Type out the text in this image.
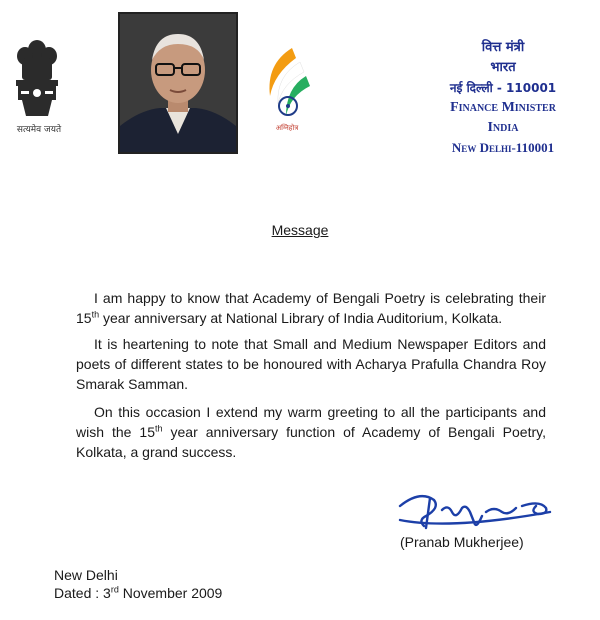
सत्यमेव जयते	अग्निहोत्र
वित्त मंत्री
भारत
नई दिल्ली - 110001
Finance Minister
India
New Delhi-110001
Message
I am happy to know that Academy of Bengali Poetry is celebrating their 15th year anniversary at National Library of India Auditorium, Kolkata.
It is heartening to note that Small and Medium Newspaper Editors and poets of different states to be honoured with Acharya Prafulla Chandra Roy Smarak Samman.
On this occasion I extend my warm greeting to all the participants and wish the 15th year anniversary function of Academy of Bengali Poetry, Kolkata, a grand success.
(Pranab Mukherjee)
New Delhi
Dated : 3rd November 2009
